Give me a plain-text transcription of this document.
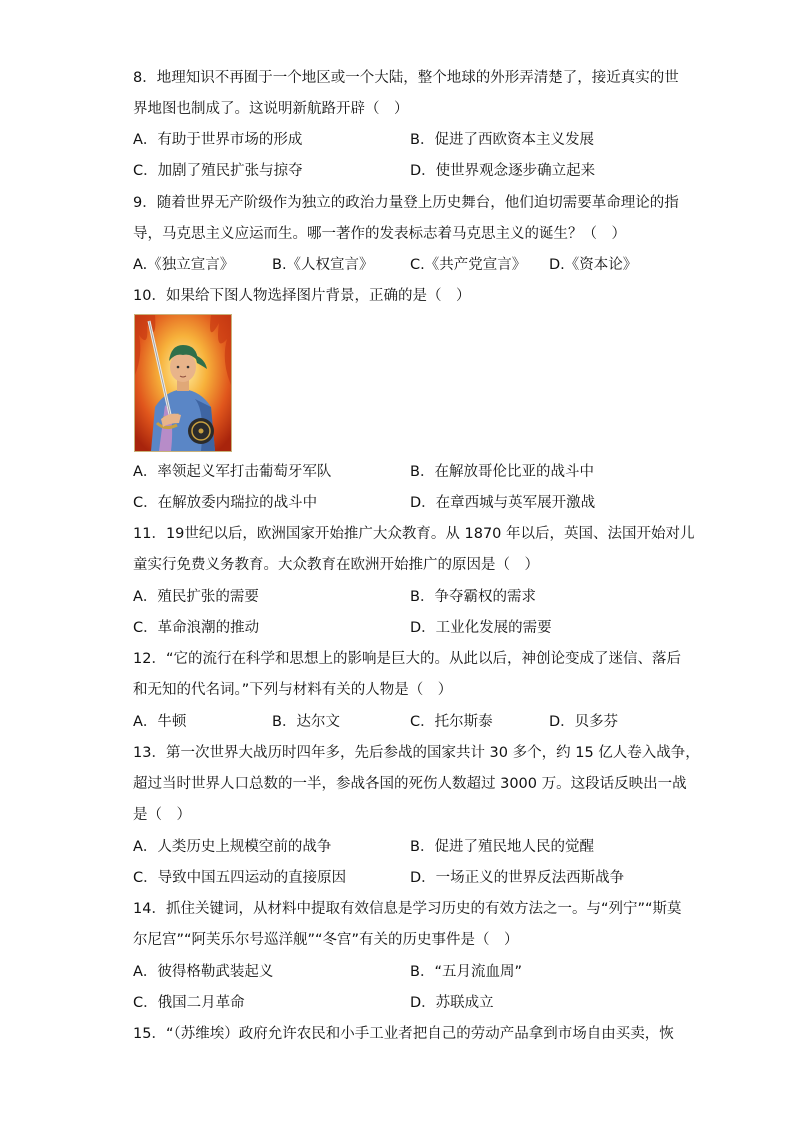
8．地理知识不再囿于一个地区或一个大陆，整个地球的外形弄清楚了，接近真实的世
界地图也制成了。这说明新航路开辟（　）
A．有助于世界市场的形成	B．促进了西欧资本主义发展
C．加剧了殖民扩张与掠夺	D．使世界观念逐步确立起来
9．随着世界无产阶级作为独立的政治力量登上历史舞台，他们迫切需要革命理论的指
导，马克思主义应运而生。哪一著作的发表标志着马克思主义的诞生？（　）
A.《独立宣言》	B.《人权宣言》	C.《共产党宣言》 D.《资本论》
10．如果给下图人物选择图片背景，正确的是（　）
A．率领起义军打击葡萄牙军队	B．在解放哥伦比亚的战斗中
C．在解放委内瑞拉的战斗中	D．在章西城与英军展开激战
11．19世纪以后，欧洲国家开始推广大众教育。从 1870 年以后，英国、法国开始对儿
童实行免费义务教育。大众教育在欧洲开始推广的原因是（　）
A．殖民扩张的需要	B．争夺霸权的需求
C．革命浪潮的推动	D．工业化发展的需要
12．“它的流行在科学和思想上的影响是巨大的。从此以后，神创论变成了迷信、落后
和无知的代名词。”下列与材料有关的人物是（　）
A．牛顿	B．达尔文	C．托尔斯泰	D．贝多芬
13．第一次世界大战历时四年多，先后参战的国家共计 30 多个，约 15 亿人卷入战争，
超过当时世界人口总数的一半，参战各国的死伤人数超过 3000 万。这段话反映出一战
是（　）
A．人类历史上规模空前的战争	B．促进了殖民地人民的觉醒
C．导致中国五四运动的直接原因	D．一场正义的世界反法西斯战争
14．抓住关键词，从材料中提取有效信息是学习历史的有效方法之一。与“列宁”“斯莫
尔尼宫”“阿芙乐尔号巡洋舰”“冬宫”有关的历史事件是（　）
A．彼得格勒武装起义	B．“五月流血周”
C．俄国二月革命	D．苏联成立
15．“（苏维埃）政府允许农民和小手工业者把自己的劳动产品拿到市场自由买卖，恢
